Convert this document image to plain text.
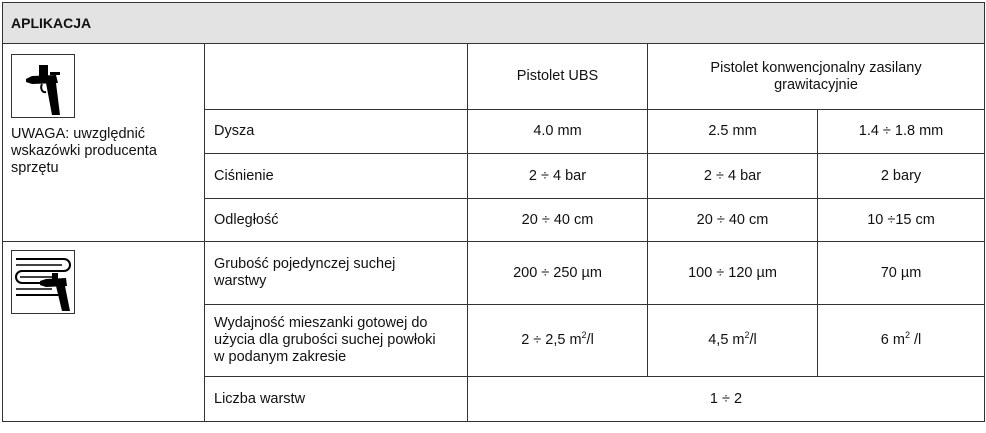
APLIKACJA				

UWAGA: uwzględnić
wskazówki producenta
sprzętu		Pistolet UBS	Pistolet konwencjonalny zasilany
grawitacyjnie	
	Dysza	4.0 mm	2.5 mm	1.4 ÷ 1.8 mm
	Ciśnienie	2 ÷ 4 bar	2 ÷ 4 bar	2 bary
	Odległość	20 ÷ 40 cm	20 ÷ 40 cm	10 ÷15 cm

	Grubość pojedynczej suchej
warstwy	200 ÷ 250 µm	100 ÷ 120 µm	70 µm
	Wydajność mieszanki gotowej do
użycia dla grubości suchej powłoki
w podanym zakresie	2 ÷ 2,5 $m^2/l$	4,5 $m^2/l$	6 $m^2$ /l
	Liczba warstw	1 ÷ 2		
